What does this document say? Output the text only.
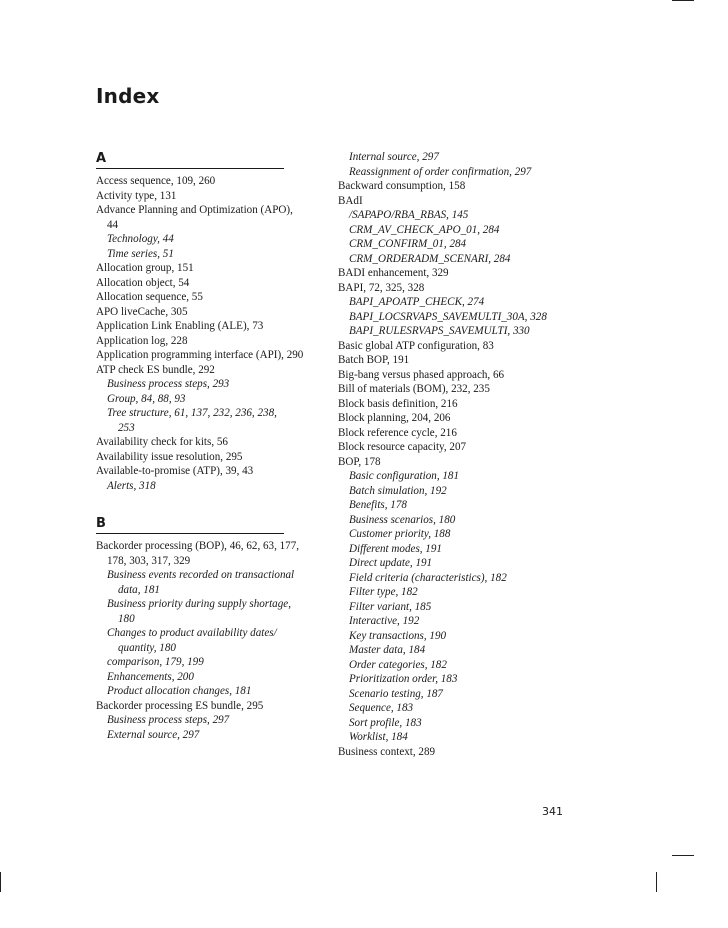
Index
A
Access sequence, 109, 260
Activity type, 131
Advance Planning and Optimization (APO),
44
Technology, 44
Time series, 51
Allocation group, 151
Allocation object, 54
Allocation sequence, 55
APO liveCache, 305
Application Link Enabling (ALE), 73
Application log, 228
Application programming interface (API), 290
ATP check ES bundle, 292
Business process steps, 293
Group, 84, 88, 93
Tree structure, 61, 137, 232, 236, 238,
253
Availability check for kits, 56
Availability issue resolution, 295
Available-to-promise (ATP), 39, 43
Alerts, 318
B
Backorder processing (BOP), 46, 62, 63, 177,
178, 303, 317, 329
Business events recorded on transactional
data, 181
Business priority during supply shortage,
180
Changes to product availability dates/
quantity, 180
comparison, 179, 199
Enhancements, 200
Product allocation changes, 181
Backorder processing ES bundle, 295
Business process steps, 297
External source, 297
Internal source, 297
Reassignment of order confirmation, 297
Backward consumption, 158
BAdI
/SAPAPO/RBA_RBAS, 145
CRM_AV_CHECK_APO_01, 284
CRM_CONFIRM_01, 284
CRM_ORDERADM_SCENARI, 284
BADI enhancement, 329
BAPI, 72, 325, 328
BAPI_APOATP_CHECK, 274
BAPI_LOCSRVAPS_SAVEMULTI_30A, 328
BAPI_RULESRVAPS_SAVEMULTI, 330
Basic global ATP configuration, 83
Batch BOP, 191
Big-bang versus phased approach, 66
Bill of materials (BOM), 232, 235
Block basis definition, 216
Block planning, 204, 206
Block reference cycle, 216
Block resource capacity, 207
BOP, 178
Basic configuration, 181
Batch simulation, 192
Benefits, 178
Business scenarios, 180
Customer priority, 188
Different modes, 191
Direct update, 191
Field criteria (characteristics), 182
Filter type, 182
Filter variant, 185
Interactive, 192
Key transactions, 190
Master data, 184
Order categories, 182
Prioritization order, 183
Scenario testing, 187
Sequence, 183
Sort profile, 183
Worklist, 184
Business context, 289
341
